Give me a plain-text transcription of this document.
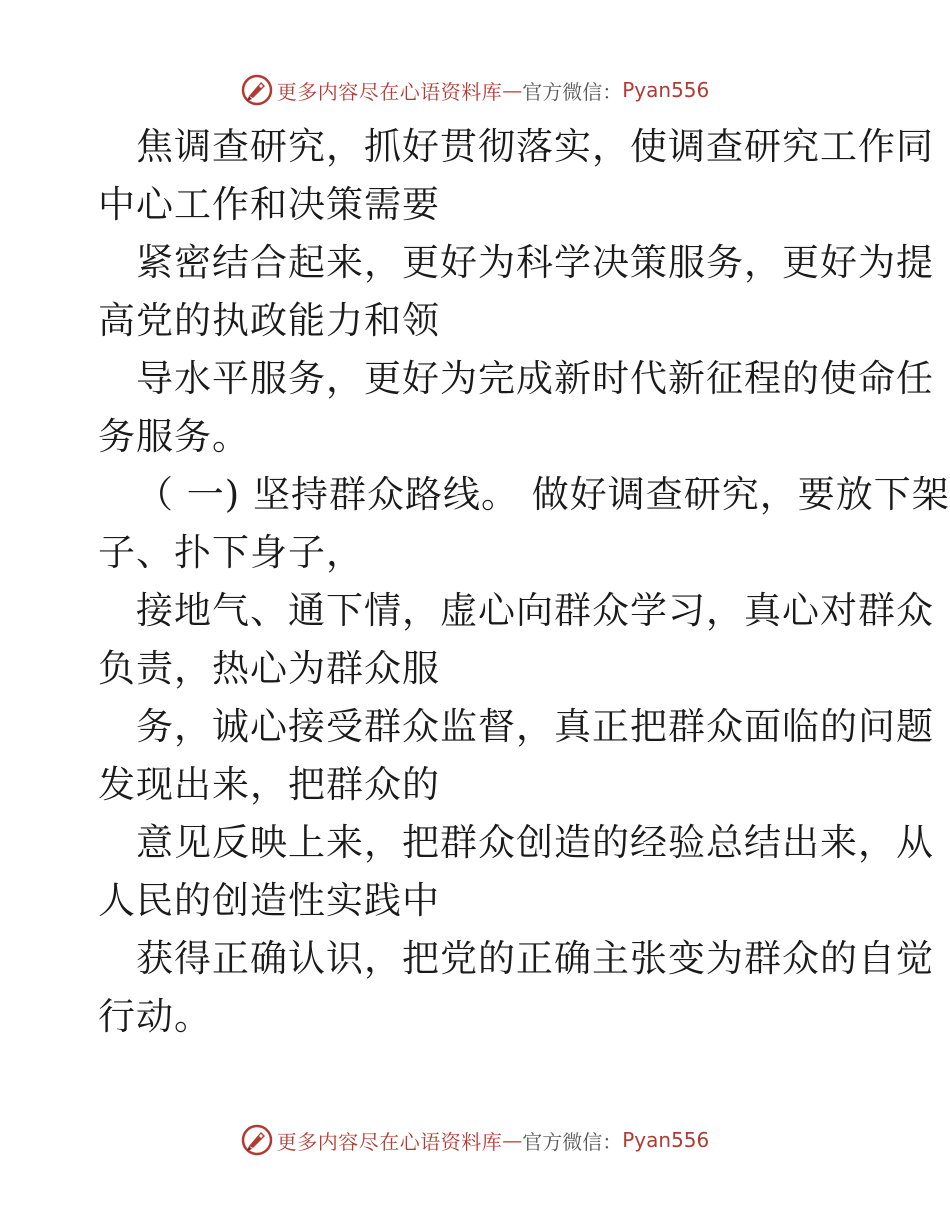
更多内容尽在心语资料库 — 官方微信： Pyan556
焦调查研究，抓好贯彻落实，使调查研究工作同
中心工作和决策需要
紧密结合起来，更好为科学决策服务，更好为提
高党的执政能力和领
导水平服务，更好为完成新时代新征程的使命任
务服务。
（ 一) 坚持群众路线。 做好调查研究，要放下架
子、扑下身子，
接地气、通下情，虚心向群众学习，真心对群众
负责，热心为群众服
务，诚心接受群众监督，真正把群众面临的问题
发现出来，把群众的
意见反映上来，把群众创造的经验总结出来，从
人民的创造性实践中
获得正确认识，把党的正确主张变为群众的自觉
行动。
更多内容尽在心语资料库 — 官方微信： Pyan556
